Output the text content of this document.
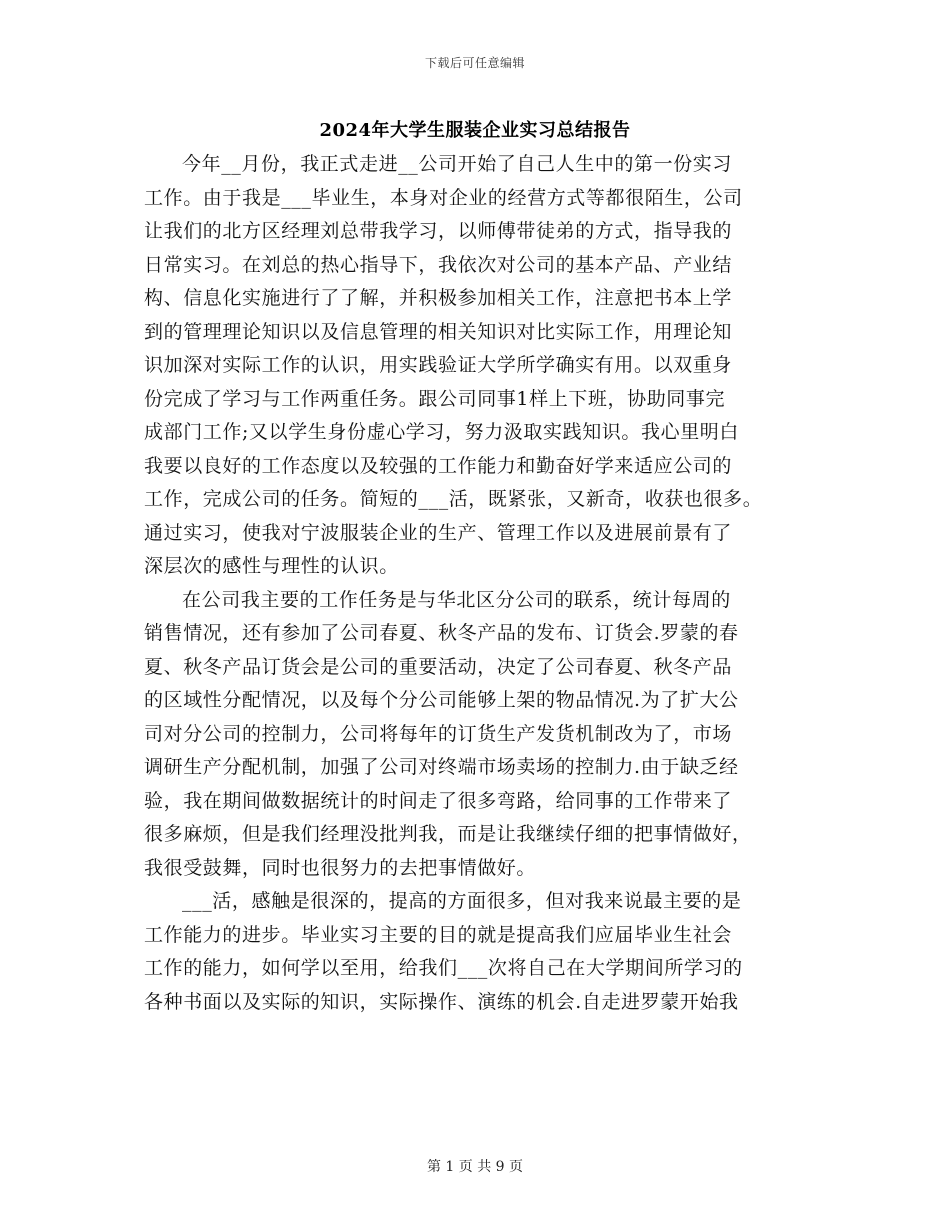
下载后可任意编辑
2024年大学生服装企业实习总结报告
今年__月份，我正式走进__公司开始了自己人生中的第一份实习
工作。由于我是___毕业生，本身对企业的经营方式等都很陌生，公司
让我们的北方区经理刘总带我学习，以师傅带徒弟的方式，指导我的
日常实习。在刘总的热心指导下，我依次对公司的基本产品、产业结
构、信息化实施进行了了解，并积极参加相关工作，注意把书本上学
到的管理理论知识以及信息管理的相关知识对比实际工作，用理论知
识加深对实际工作的认识，用实践验证大学所学确实有用。以双重身
份完成了学习与工作两重任务。跟公司同事1样上下班，协助同事完
成部门工作;又以学生身份虚心学习，努力汲取实践知识。我心里明白
我要以良好的工作态度以及较强的工作能力和勤奋好学来适应公司的
工作，完成公司的任务。简短的___活，既紧张，又新奇，收获也很多。
通过实习，使我对宁波服装企业的生产、管理工作以及进展前景有了
深层次的感性与理性的认识。
在公司我主要的工作任务是与华北区分公司的联系，统计每周的
销售情况，还有参加了公司春夏、秋冬产品的发布、订货会.罗蒙的春
夏、秋冬产品订货会是公司的重要活动，决定了公司春夏、秋冬产品
的区域性分配情况，以及每个分公司能够上架的物品情况.为了扩大公
司对分公司的控制力，公司将每年的订货生产发货机制改为了，市场
调研生产分配机制，加强了公司对终端市场卖场的控制力.由于缺乏经
验，我在期间做数据统计的时间走了很多弯路，给同事的工作带来了
很多麻烦，但是我们经理没批判我，而是让我继续仔细的把事情做好，
我很受鼓舞，同时也很努力的去把事情做好。
___活，感触是很深的，提高的方面很多，但对我来说最主要的是
工作能力的进步。毕业实习主要的目的就是提高我们应届毕业生社会
工作的能力，如何学以至用，给我们___次将自己在大学期间所学习的
各种书面以及实际的知识，实际操作、演练的机会.自走进罗蒙开始我
第 1 页 共 9 页
